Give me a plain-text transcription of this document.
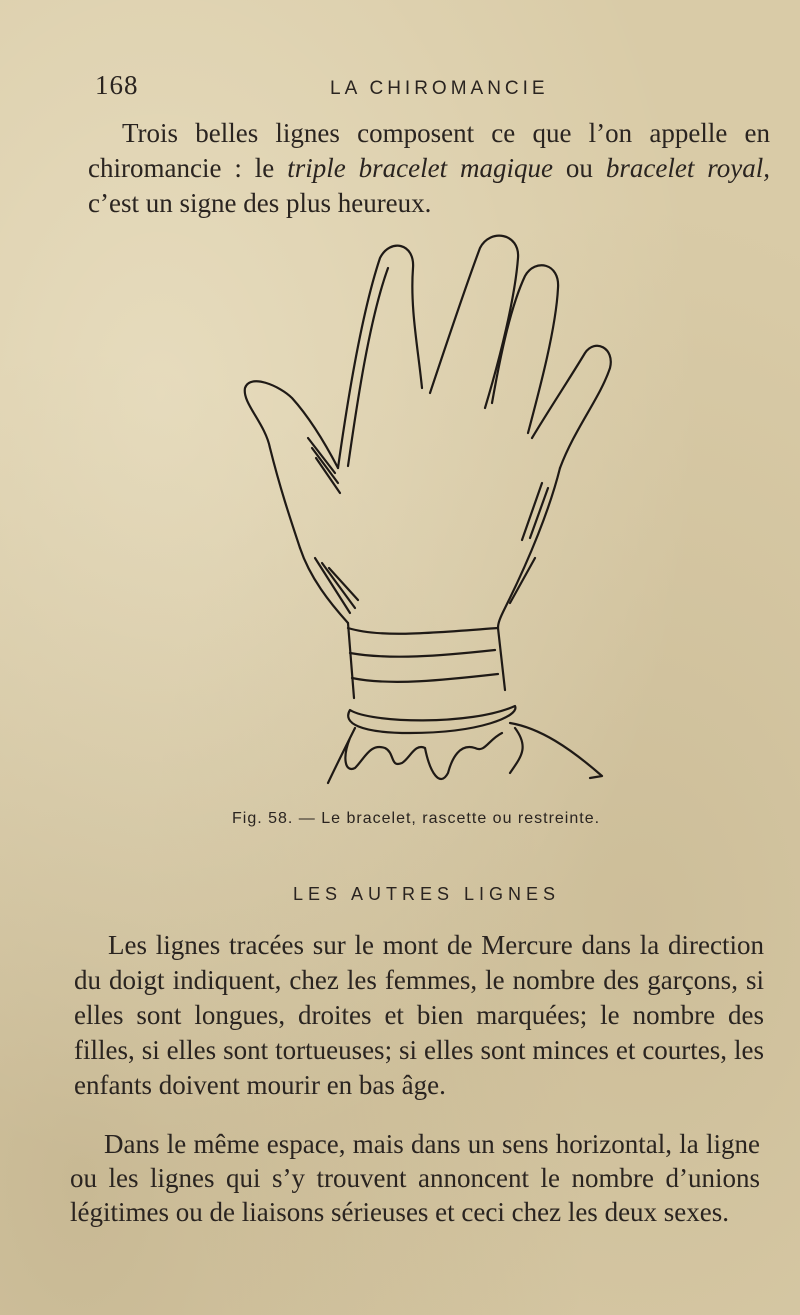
168	LA CHIROMANCIE

Trois belles lignes composent ce que l’on appelle en chiromancie : le triple bracelet magique ou bracelet royal, c’est un signe des plus heureux.

Fig. 58. — Le bracelet, rascette ou restreinte.
LES AUTRES LIGNES

Les lignes tracées sur le mont de Mercure dans la direction du doigt indiquent, chez les femmes, le nombre des garçons, si elles sont longues, droites et bien marquées; le nombre des filles, si elles sont tortueuses; si elles sont minces et courtes, les enfants doivent mourir en bas âge.

Dans le même espace, mais dans un sens horizontal, la ligne ou les lignes qui s’y trouvent annoncent le nombre d’unions légitimes ou de liaisons sérieuses et ceci chez les deux sexes.
